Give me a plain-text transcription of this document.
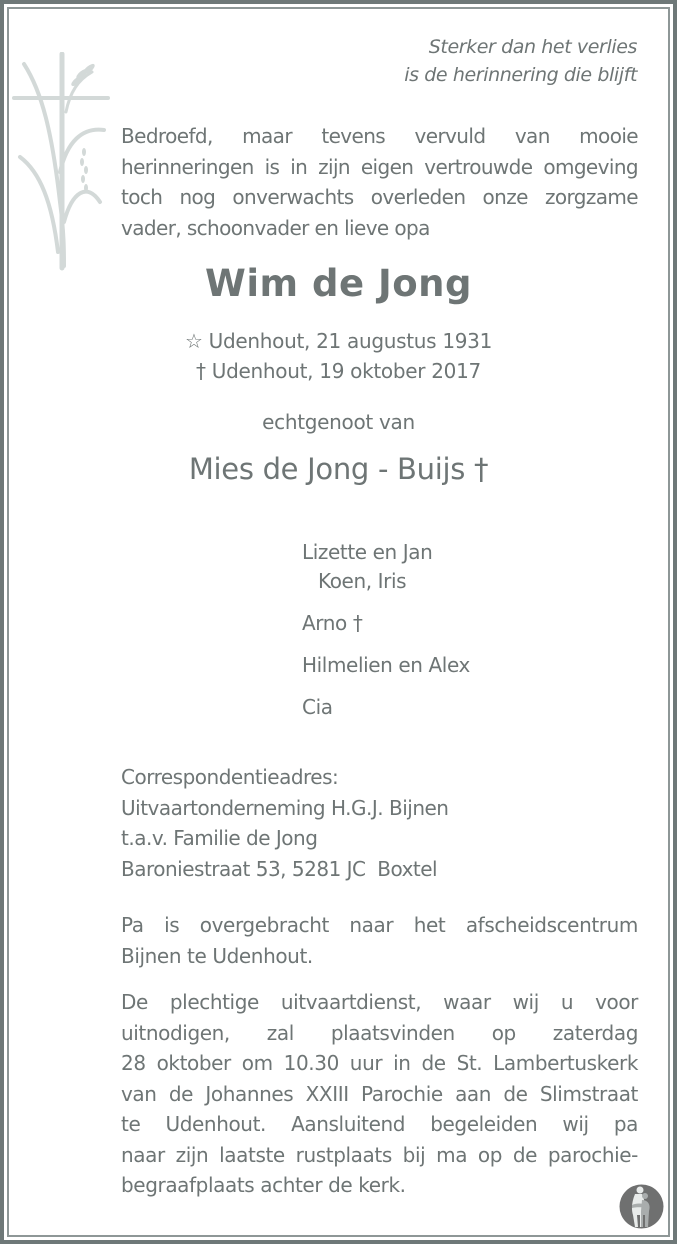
Sterker dan het verlies
is de herinnering die blijft
Bedroefd, maar tevens vervuld van mooie
herinneringen is in zijn eigen vertrouwde omgeving
toch nog onverwachts overleden onze zorgzame
vader, schoonvader en lieve opa
Wim de Jong
☆ Udenhout, 21 augustus 1931
† Udenhout, 19 oktober 2017
echtgenoot van
Mies de Jong - Buijs †
Lizette en Jan
Koen, Iris
Arno †
Hilmelien en Alex
Cia
Correspondentieadres:
Uitvaartonderneming H.G.J. Bijnen
t.a.v. Familie de Jong
Baroniestraat 53, 5281 JC  Boxtel
Pa is overgebracht naar het afscheidscentrum
Bijnen te Udenhout.
De plechtige uitvaartdienst, waar wij u voor
uitnodigen, zal plaatsvinden op zaterdag
28 oktober om 10.30 uur in de St. Lambertuskerk
van de Johannes XXIII Parochie aan de Slimstraat
te Udenhout. Aansluitend begeleiden wij pa
naar zijn laatste rustplaats bij ma op de parochie-
begraafplaats achter de kerk.
